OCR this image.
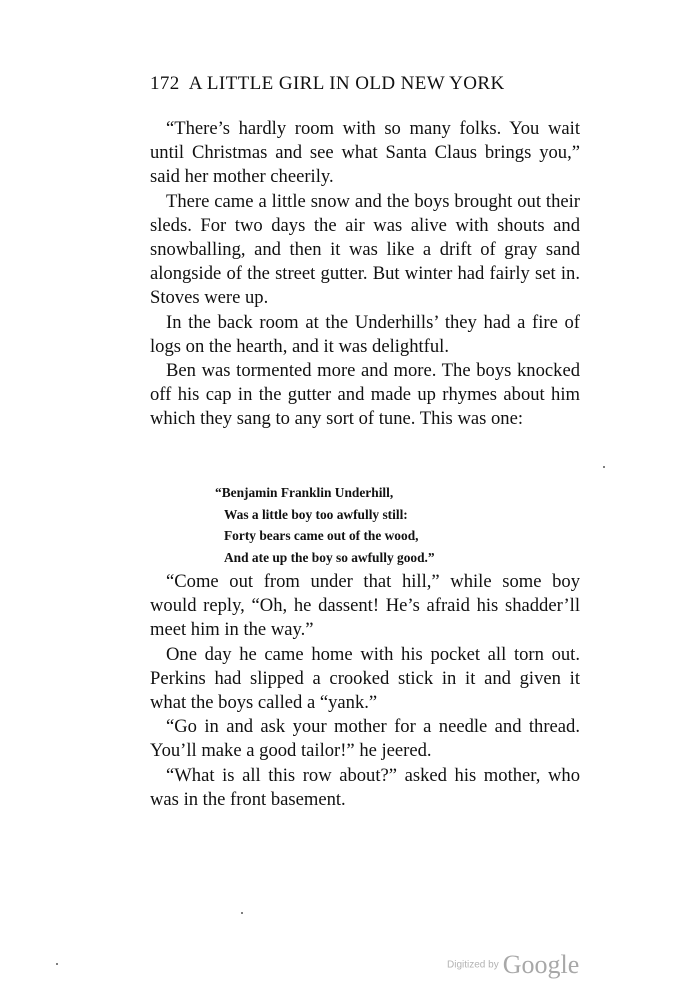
172 A LITTLE GIRL IN OLD NEW YORK

“There’s hardly room with so many folks. You wait until Christmas and see what Santa Claus brings you,” said her mother cheerily.

There came a little snow and the boys brought out their sleds. For two days the air was alive with shouts and snowballing, and then it was like a drift of gray sand alongside of the street gutter. But winter had fairly set in. Stoves were up.

In the back room at the Underhills’ they had a fire of logs on the hearth, and it was delightful.

Ben was tormented more and more. The boys knocked off his cap in the gutter and made up rhymes about him which they sang to any sort of tune. This was one:

“Benjamin Franklin Underhill,
Was a little boy too awfully still:
Forty bears came out of the wood,
And ate up the boy so awfully good.”

“Come out from under that hill,” while some boy would reply, “Oh, he dassent! He’s afraid his shadder’ll meet him in the way.”

One day he came home with his pocket all torn out. Perkins had slipped a crooked stick in it and given it what the boys called a “yank.”

“Go in and ask your mother for a needle and thread. You’ll make a good tailor!” he jeered.

“What is all this row about?” asked his mother, who was in the front basement.

Digitized by Google
